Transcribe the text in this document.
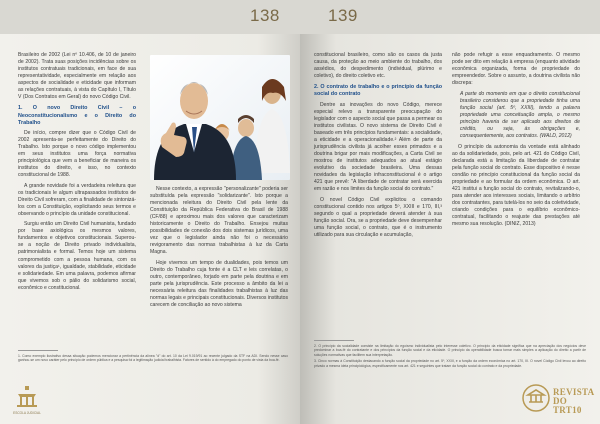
138

Brasileiro de 2002 (Lei nº 10.406, de 10 de janeiro de 2002). Trata suas posições incidências sobre os institutos contratuais tradicionais, em face de sua representatividade, especialmente em relação aos aspectos de socialidade e eticidade que informam as relações contratuais, à vista do Capítulo I, Título V (Dos Contratos em Geral) do novo Código Civil.

1. O novo Direito Civil – o Neoconstitucionalismo e o Direito do Trabalho

De início, compre dizer que o Código Civil de 2002 apresenta-se perfeitamente do Direito do Trabalho. Isto porque o novo código implementou em seus institutos uma força normativa principiológica que vem a beneficiar de maneira os institutos do direito, e isso, no contexto constitucional de 1988.

A grande novidade foi a verdadeira releitura que os tradicionais le algum ultrapassados institutos de Direito Civil sofreram, com a finalidade de sintonizá-los com a Constituição, explicitando seus termos e observando o princípio da unidade constitucional.

Surgiu então um Direito Civil humanista, fundado por base axiológica os mesmos valores, fundamentos e objetivos constitucionais. Superou-se a noção de Direito privado individualista, patrimonialista e formal. Temos hoje um sistema comprometido com a pessoa humana, com os valores da justiça¹, igualdade, stabilidade, eticidade e solidariedade. Em uma palavra, podemos afirmar que vivemos sob o pálio do solidarismo social, econômico e constitucional.

Nesse contexto, a expressão "personalizante" poderia ser substituída pela expressão "solidarizante". Isto porque a mencionada releitura do Direito Civil pela lente da Constituição da República Federativa do Brasil de 1988 (CF/88) e aproximou mais dos valores que caracterizam historicamente o Direito do Trabalho. Ensejou muitas possibilidades de conexão dos dois sistemas jurídicos, uma vez que o legislador ainda não foi o necessário revigoramento das normas trabalhistas à luz da Carta Magna.

Hoje vivemos um tempo de dualidades, pois temos um Direito do Trabalho cuja fonte é a CLT e leis correlatas, o outro, contemporâneo, forjado em parte pela doutrina e em parte pela jurisprudência. Este processo a âmbito da lei a necessária releitura das finalidades trabalhistas à luz das normas legais e principais constitucionais. Diversos institutos carecem de conciliação ao novo sistema

1. Como exemplo ilustrativo dessa situação podemos mencionar a pertinência da alínea "d" do art. 10 da Lei 9.019/91 ao recente julgado da STF na ADI. Sendo nesse caso ganhou-se um novo caráter pelo princípio de ordem pública e a pesquisa foi a legitimação judicial trabalhista. Fatores de sentido à do empregado do ponto de vista da boa-fé.
ESCOLA JUDICIAL
139

constitucional brasileiro, como são os casos da justa causa, da proteção ao meio ambiente do trabalho, dos assédios, do despedimento (individual, plúrimo e coletivo), do direito coletivo etc.

2. O contrato de trabalho e o princípio da função social do contrato

Dentre as inovações do novo Código, merece especial relevo a transparente preocupação do legislador com o aspecto social que passa a permear os institutos civilistas. O novo sistema de Direito Civil é baseado em três princípios fundamentais: a socialidade, a eticidade e a operacionalidade.² Além de parte da jurisprudência civilista já acolher esses primados e a doutrina brigar por mais modificações, a Carta Civil se mostrou de institutos adequados ao atual estágio evolutivo da sociedade brasileira. Uma dessas novidades da legislação infraconstitucional é o artigo 421 que prevê: "A liberdade de contratar será exercida em razão e nos limites da função social do contrato."

O novel Código Civil explicitou o comando constitucional contido nos artigos 5º, XXIII e 170, III,³ segundo o qual a propriedade deverá atender à sua função social. Ora, se a propriedade deve desempenhar uma função social, o contrato, que é o instrumento utilizado para sua circulação e acumulação,

não pode refugir a esse enquadramento. O mesmo pode ser dito em relação à empresa (enquanto atividade econômica organizada, forma de propriedade do empreendedor. Sobre o assunto, a doutrina civilista não discrepa:

A parte do momento em que o direito constitucional brasileiro considerou que a propriedade tinha uma função social (art. 5º, XXIII), tendo a palavra propriedade uma conceituação ampla, o mesmo princípio haveria de ser aplicado aos direitos de crédito, ou seja, às obrigações e, consequentemente, aos contratos. (WALD, 2012)

O princípio da autonomia da vontade está alinhado ao da solidariedade, pois, pelo art. 421 do Código Civil, declarada está a limitação da liberdade de contratar pela função social do contrato. Esse dispositivo é nesse condão no princípio constitucional da função social da propriedade e ao formular da ordem econômica. O art. 421 institui a função social do contrato, revitalizando-o, para atender aos interesses sociais, limitando o arbítrio dos contratantes, para tutelá-los no seio da coletividade, criando condições para o equilíbrio econômico-contratual, facilitando o reajuste das prestações até mesmo sua resolução. (DINIZ, 2013)

2. O princípio da socialidade consiste na limitação do egoísmo individualista pelo interesse coletivo. O princípio da eticidade significa que na apreciação dos negócios deve predominar a boa-fé do contratante e dos princípios da função social e da eticidade. O princípio da operabilidade busca tornar mais simples a aplicação do direito a partir de soluções normativas que facilitem sua interpretação.
3. Cinco normas à Constituição destacando a função social da propriedade no art. 5º, XXIII, e a função da ordem econômica no art. 170, III. O novel Código Civil levou ao direito privado a mesma ideia principiológica, especificamente nos art. 421 e seguintes que tratam da função social do contrato e da propriedade.
REVISTA DO TRT10
